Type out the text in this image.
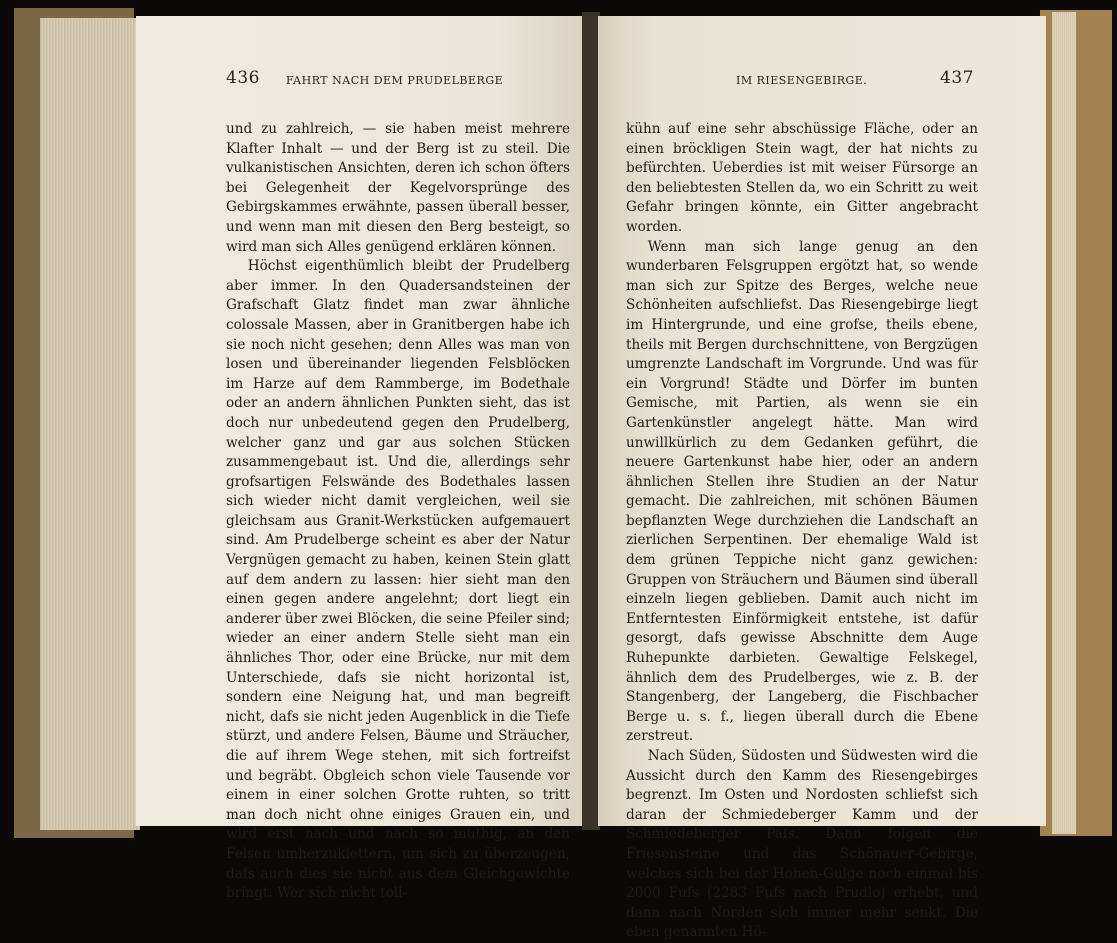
436 FAHRT NACH DEM PRUDELBERGE

und zu zahlreich, — sie haben meist mehrere Klafter Inhalt — und der Berg ist zu steil. Die vulkanistischen Ansichten, deren ich schon öfters bei Gelegenheit der Kegelvorsprünge des Gebirgskammes erwähnte, passen überall besser, und wenn man mit diesen den Berg besteigt, so wird man sich Alles genügend erklären können.

Höchst eigenthümlich bleibt der Prudelberg aber immer. In den Quadersandsteinen der Grafschaft Glatz findet man zwar ähnliche colossale Massen, aber in Granitbergen habe ich sie noch nicht gesehen; denn Alles was man von losen und übereinander liegenden Felsblöcken im Harze auf dem Rammberge, im Bodethale oder an andern ähnlichen Punkten sieht, das ist doch nur unbedeutend gegen den Prudelberg, welcher ganz und gar aus solchen Stücken zusammengebaut ist. Und die, allerdings sehr grofsartigen Felswände des Bodethales lassen sich wieder nicht damit vergleichen, weil sie gleichsam aus Granit-Werkstücken aufgemauert sind. Am Prudelberge scheint es aber der Natur Vergnügen gemacht zu haben, keinen Stein glatt auf dem andern zu lassen: hier sieht man den einen gegen andere angelehnt; dort liegt ein anderer über zwei Blöcken, die seine Pfeiler sind; wieder an einer andern Stelle sieht man ein ähnliches Thor, oder eine Brücke, nur mit dem Unterschiede, dafs sie nicht horizontal ist, sondern eine Neigung hat, und man begreift nicht, dafs sie nicht jeden Augenblick in die Tiefe stürzt, und andere Felsen, Bäume und Sträucher, die auf ihrem Wege stehen, mit sich fortreifst und begräbt. Obgleich schon viele Tausende vor einem in einer solchen Grotte ruhten, so tritt man doch nicht ohne einiges Grauen ein, und wird erst nach und nach so muthig, an den Felsen umherzuklettern, um sich zu überzeugen, dafs auch dies sie nicht aus dem Gleichgewichte bringt. Wer sich nicht toll-

IM RIESENGEBIRGE.	437

kühn auf eine sehr abschüssige Fläche, oder an einen bröckligen Stein wagt, der hat nichts zu befürchten. Ueberdies ist mit weiser Fürsorge an den beliebtesten Stellen da, wo ein Schritt zu weit Gefahr bringen könnte, ein Gitter angebracht worden.

Wenn man sich lange genug an den wunderbaren Felsgruppen ergötzt hat, so wende man sich zur Spitze des Berges, welche neue Schönheiten aufschliefst. Das Riesengebirge liegt im Hintergrunde, und eine grofse, theils ebene, theils mit Bergen durchschnittene, von Bergzügen umgrenzte Landschaft im Vorgrunde. Und was für ein Vorgrund! Städte und Dörfer im bunten Gemische, mit Partien, als wenn sie ein Gartenkünstler angelegt hätte. Man wird unwillkürlich zu dem Gedanken geführt, die neuere Gartenkunst habe hier, oder an andern ähnlichen Stellen ihre Studien an der Natur gemacht. Die zahlreichen, mit schönen Bäumen bepflanzten Wege durchziehen die Landschaft an zierlichen Serpentinen. Der ehemalige Wald ist dem grünen Teppiche nicht ganz gewichen: Gruppen von Sträuchern und Bäumen sind überall einzeln liegen geblieben. Damit auch nicht im Entferntesten Einförmigkeit entstehe, ist dafür gesorgt, dafs gewisse Abschnitte dem Auge Ruhepunkte darbieten. Gewaltige Felskegel, ähnlich dem des Prudelberges, wie z. B. der Stangenberg, der Langeberg, die Fischbacher Berge u. s. f., liegen überall durch die Ebene zerstreut.

Nach Süden, Südosten und Südwesten wird die Aussicht durch den Kamm des Riesengebirges begrenzt. Im Osten und Nordosten schliefst sich daran der Schmiedeberger Kamm und der Schmiedeberger Pafs. Dann folgen die Friesensteine und das Schönauer-Gebirge, welches sich bei der Hohen-Gulge noch einmal bis 2000 Fufs (2283 Fufs nach Prudlo) erhebt, und dann nach Norden sich immer mehr senkt. Die eben genannten Hö-
